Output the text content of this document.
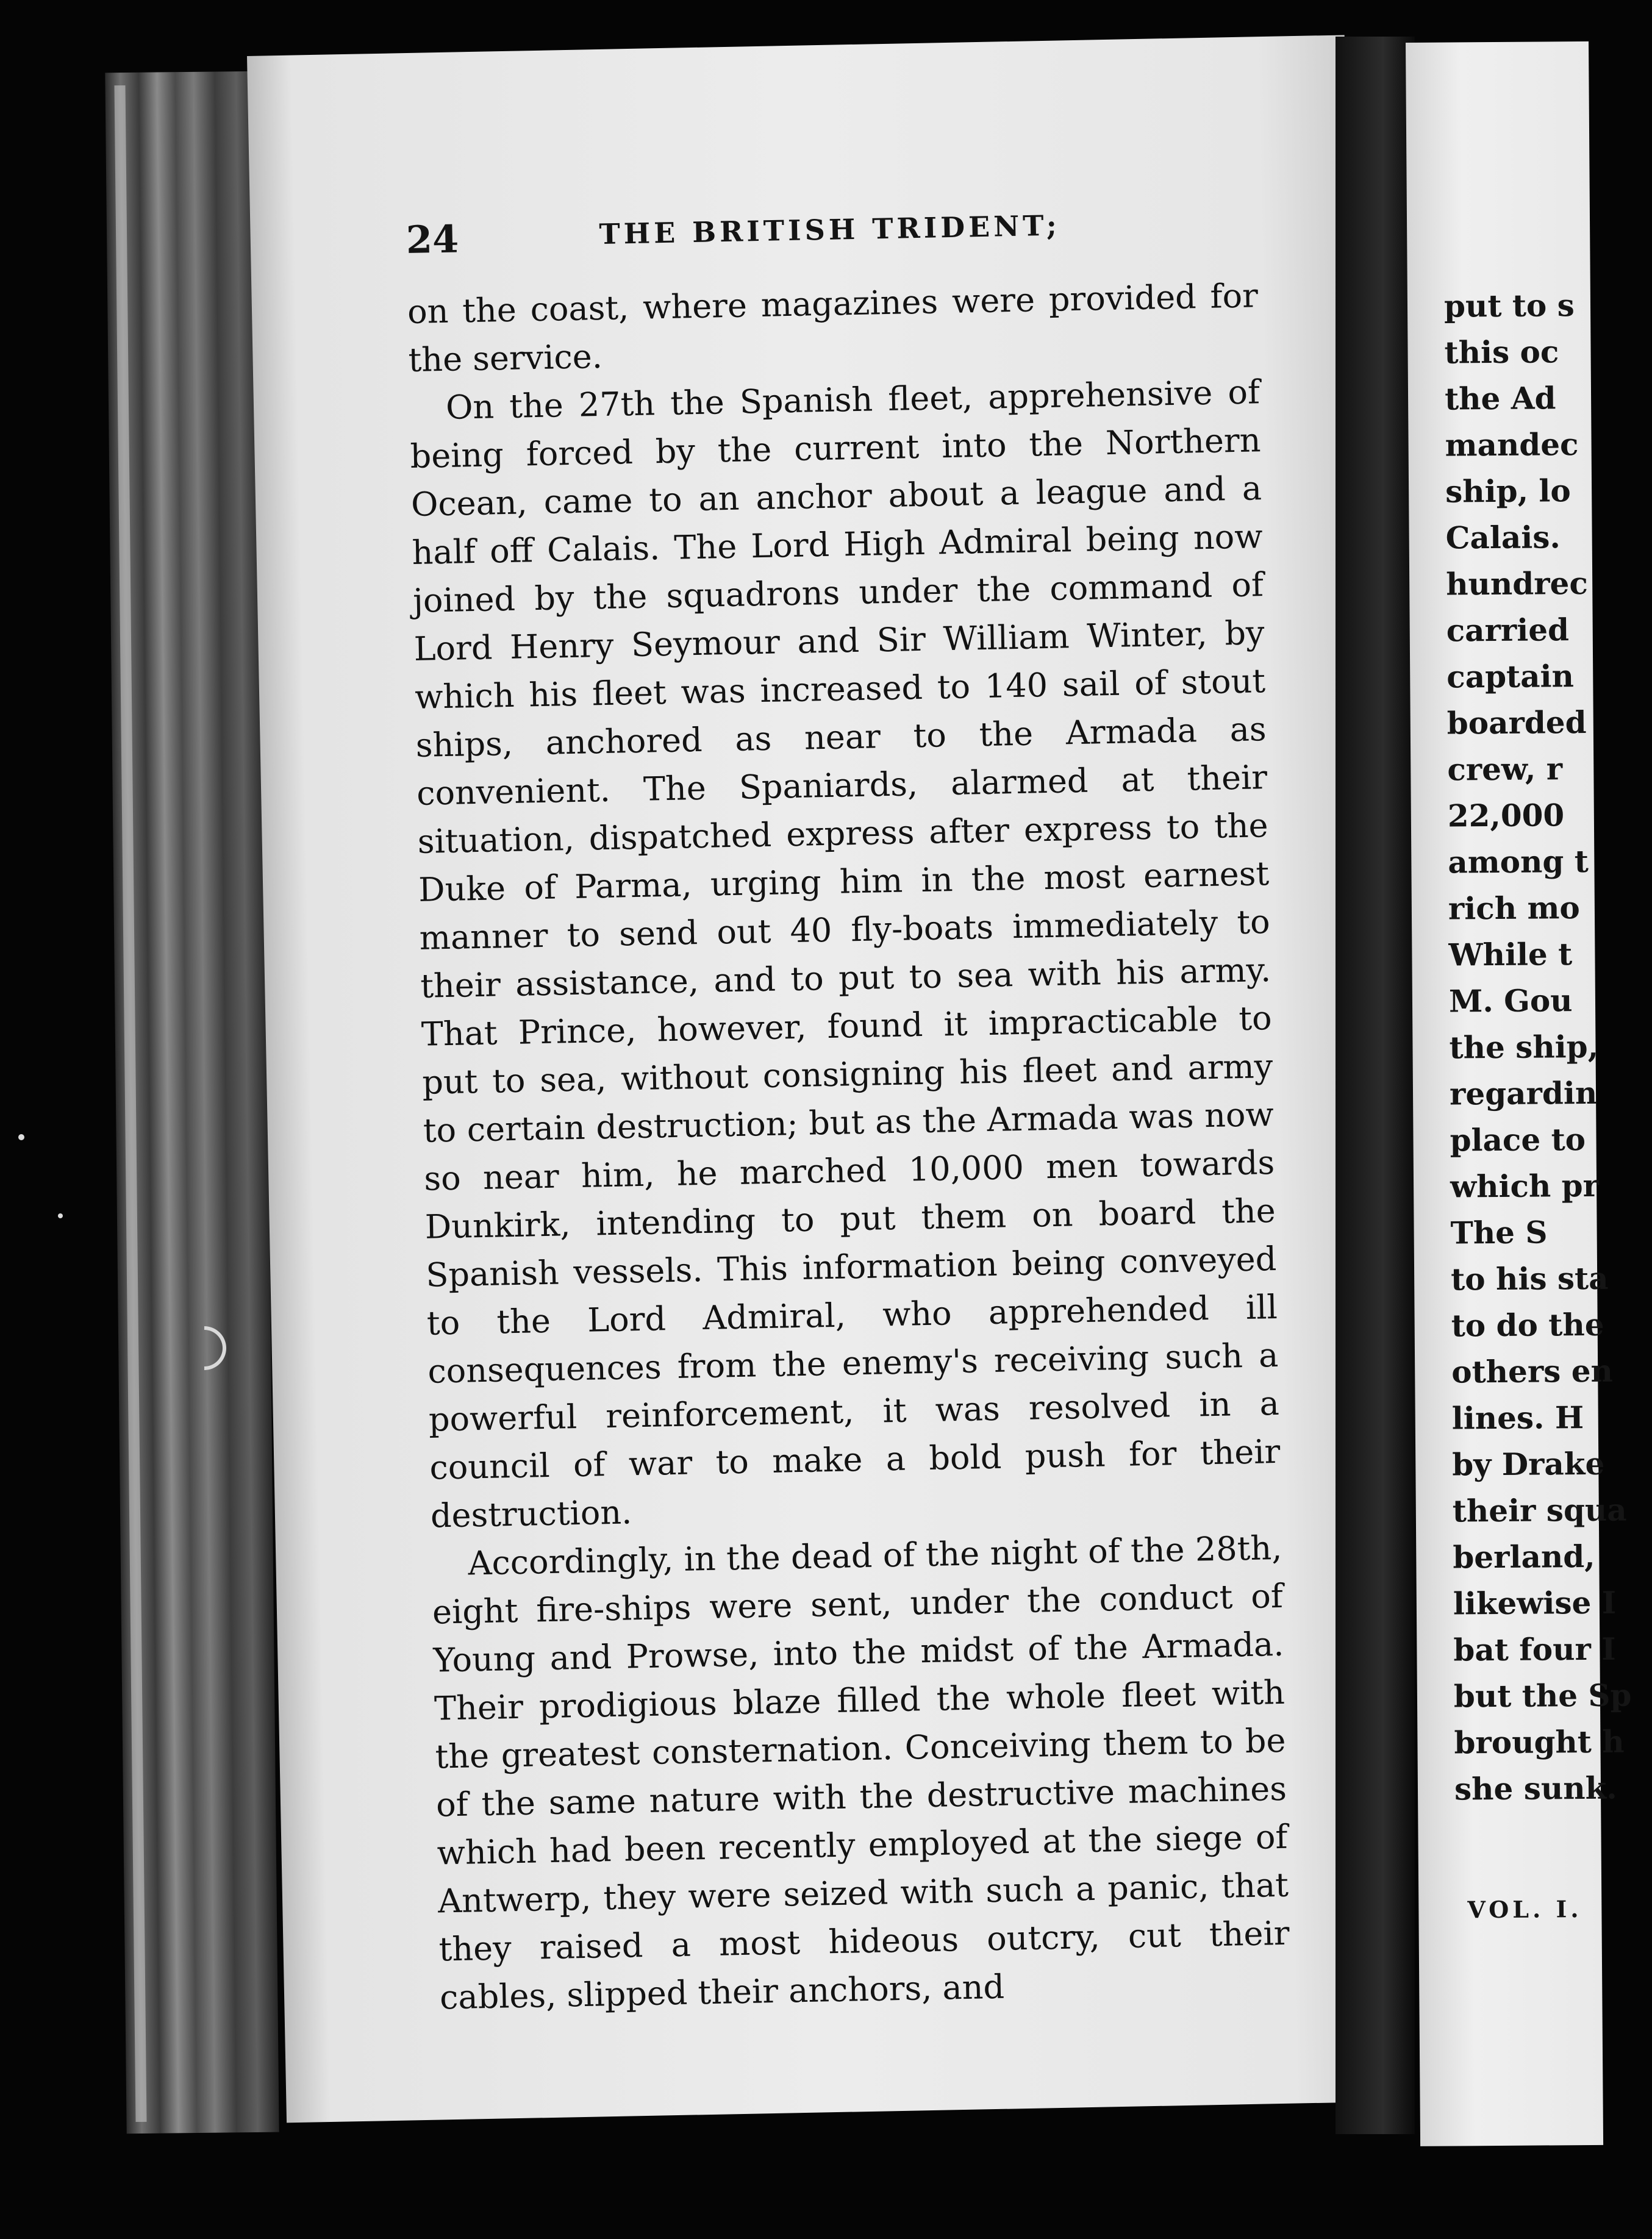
24	THE BRITISH TRIDENT;

on the coast, where magazines were provided for the service.

On the 27th the Spanish fleet, apprehensive of being forced by the current into the Northern Ocean, came to an anchor about a league and a half off Calais. The Lord High Admiral being now joined by the squadrons under the command of Lord Henry Seymour and Sir William Winter, by which his fleet was increased to 140 sail of stout ships, anchored as near to the Armada as convenient. The Spaniards, alarmed at their situation, dispatched express after express to the Duke of Parma, urging him in the most earnest manner to send out 40 fly-boats immediately to their assistance, and to put to sea with his army. That Prince, however, found it impracticable to put to sea, without consigning his fleet and army to certain destruction; but as the Armada was now so near him, he marched 10,000 men towards Dunkirk, intending to put them on board the Spanish vessels. This information being conveyed to the Lord Admiral, who apprehended ill consequences from the enemy's receiving such a powerful reinforcement, it was resolved in a council of war to make a bold push for their destruction.

Accordingly, in the dead of the night of the 28th, eight fire-ships were sent, under the conduct of Young and Prowse, into the midst of the Armada. Their prodigious blaze filled the whole fleet with the greatest consternation. Conceiving them to be of the same nature with the destructive machines which had been recently employed at the siege of Antwerp, they were seized with such a panic, that they raised a most hideous outcry, cut their cables, slipped their anchors, and

put to s
this oc
the Ad
mandec
ship, lo
Calais.
hundrec
carried
captain
boarded
crew, r
22,000
among t
rich mo
While t
M. Gou
the ship,
regardin
place to
which pr
The S
to his sta
to do the
others en
lines. H
by Drake
their squa
berland,
likewise I
bat four I
but the Sp
brought h
she sunk.
VOL. I.
